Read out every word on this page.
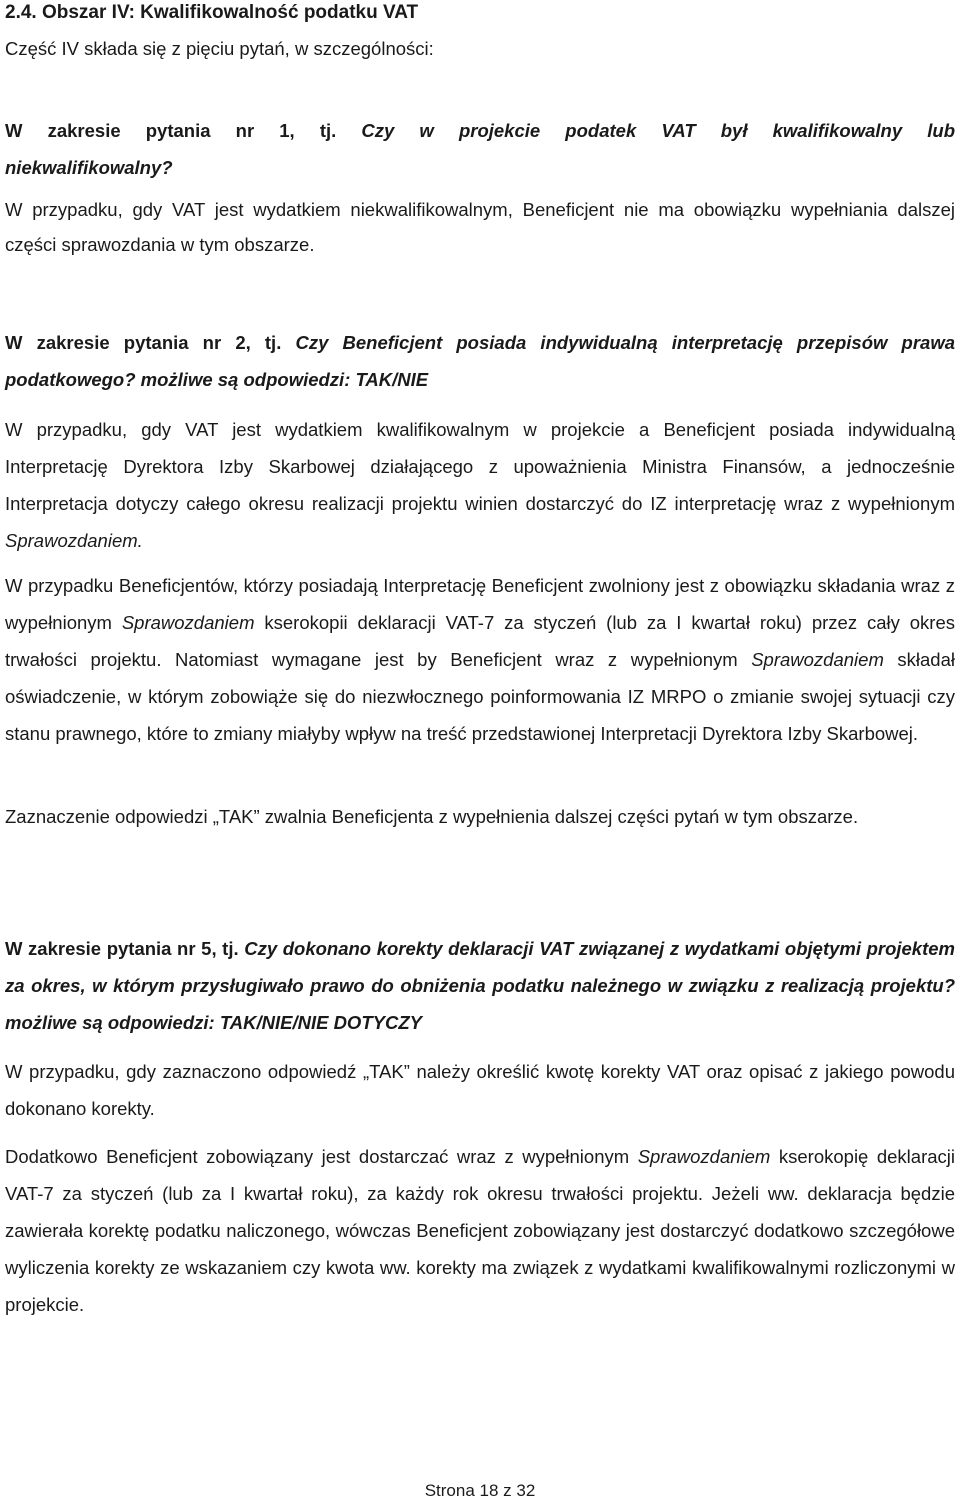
2.4. Obszar IV: Kwalifikowalność podatku VAT

Część IV składa się z pięciu pytań, w szczególności:

W zakresie pytania nr 1, tj. Czy w projekcie podatek VAT był kwalifikowalny lub niekwalifikowalny?

W przypadku, gdy VAT jest wydatkiem niekwalifikowalnym, Beneficjent nie ma obowiązku wypełniania dalszej części sprawozdania w tym obszarze.

W zakresie pytania nr 2, tj. Czy Beneficjent posiada indywidualną interpretację przepisów prawa podatkowego? możliwe są odpowiedzi: TAK/NIE

W przypadku, gdy VAT jest wydatkiem kwalifikowalnym w projekcie a Beneficjent posiada indywidualną Interpretację Dyrektora Izby Skarbowej działającego z upoważnienia Ministra Finansów, a jednocześnie Interpretacja dotyczy całego okresu realizacji projektu winien dostarczyć do IZ interpretację wraz z wypełnionym Sprawozdaniem.

W przypadku Beneficjentów, którzy posiadają Interpretację Beneficjent zwolniony jest z obowiązku składania wraz z wypełnionym Sprawozdaniem kserokopii deklaracji VAT-7 za styczeń (lub za I kwartał roku) przez cały okres trwałości projektu. Natomiast wymagane jest by Beneficjent wraz z wypełnionym Sprawozdaniem składał oświadczenie, w którym zobowiąże się do niezwłocznego poinformowania IZ MRPO o zmianie swojej sytuacji czy stanu prawnego, które to zmiany miałyby wpływ na treść przedstawionej Interpretacji Dyrektora Izby Skarbowej.

Zaznaczenie odpowiedzi „TAK” zwalnia Beneficjenta z wypełnienia dalszej części pytań w tym obszarze.

W zakresie pytania nr 5, tj. Czy dokonano korekty deklaracji VAT związanej z wydatkami objętymi projektem za okres, w którym przysługiwało prawo do obniżenia podatku należnego w związku z realizacją projektu? możliwe są odpowiedzi: TAK/NIE/NIE DOTYCZY

W przypadku, gdy zaznaczono odpowiedź „TAK” należy określić kwotę korekty VAT oraz opisać z jakiego powodu dokonano korekty.

Dodatkowo Beneficjent zobowiązany jest dostarczać wraz z wypełnionym Sprawozdaniem kserokopię deklaracji VAT-7 za styczeń (lub za I kwartał roku), za każdy rok okresu trwałości projektu. Jeżeli ww. deklaracja będzie zawierała korektę podatku naliczonego, wówczas Beneficjent zobowiązany jest dostarczyć dodatkowo szczegółowe wyliczenia korekty ze wskazaniem czy kwota ww. korekty ma związek z wydatkami kwalifikowalnymi rozliczonymi w projekcie.

Strona 18 z 32
